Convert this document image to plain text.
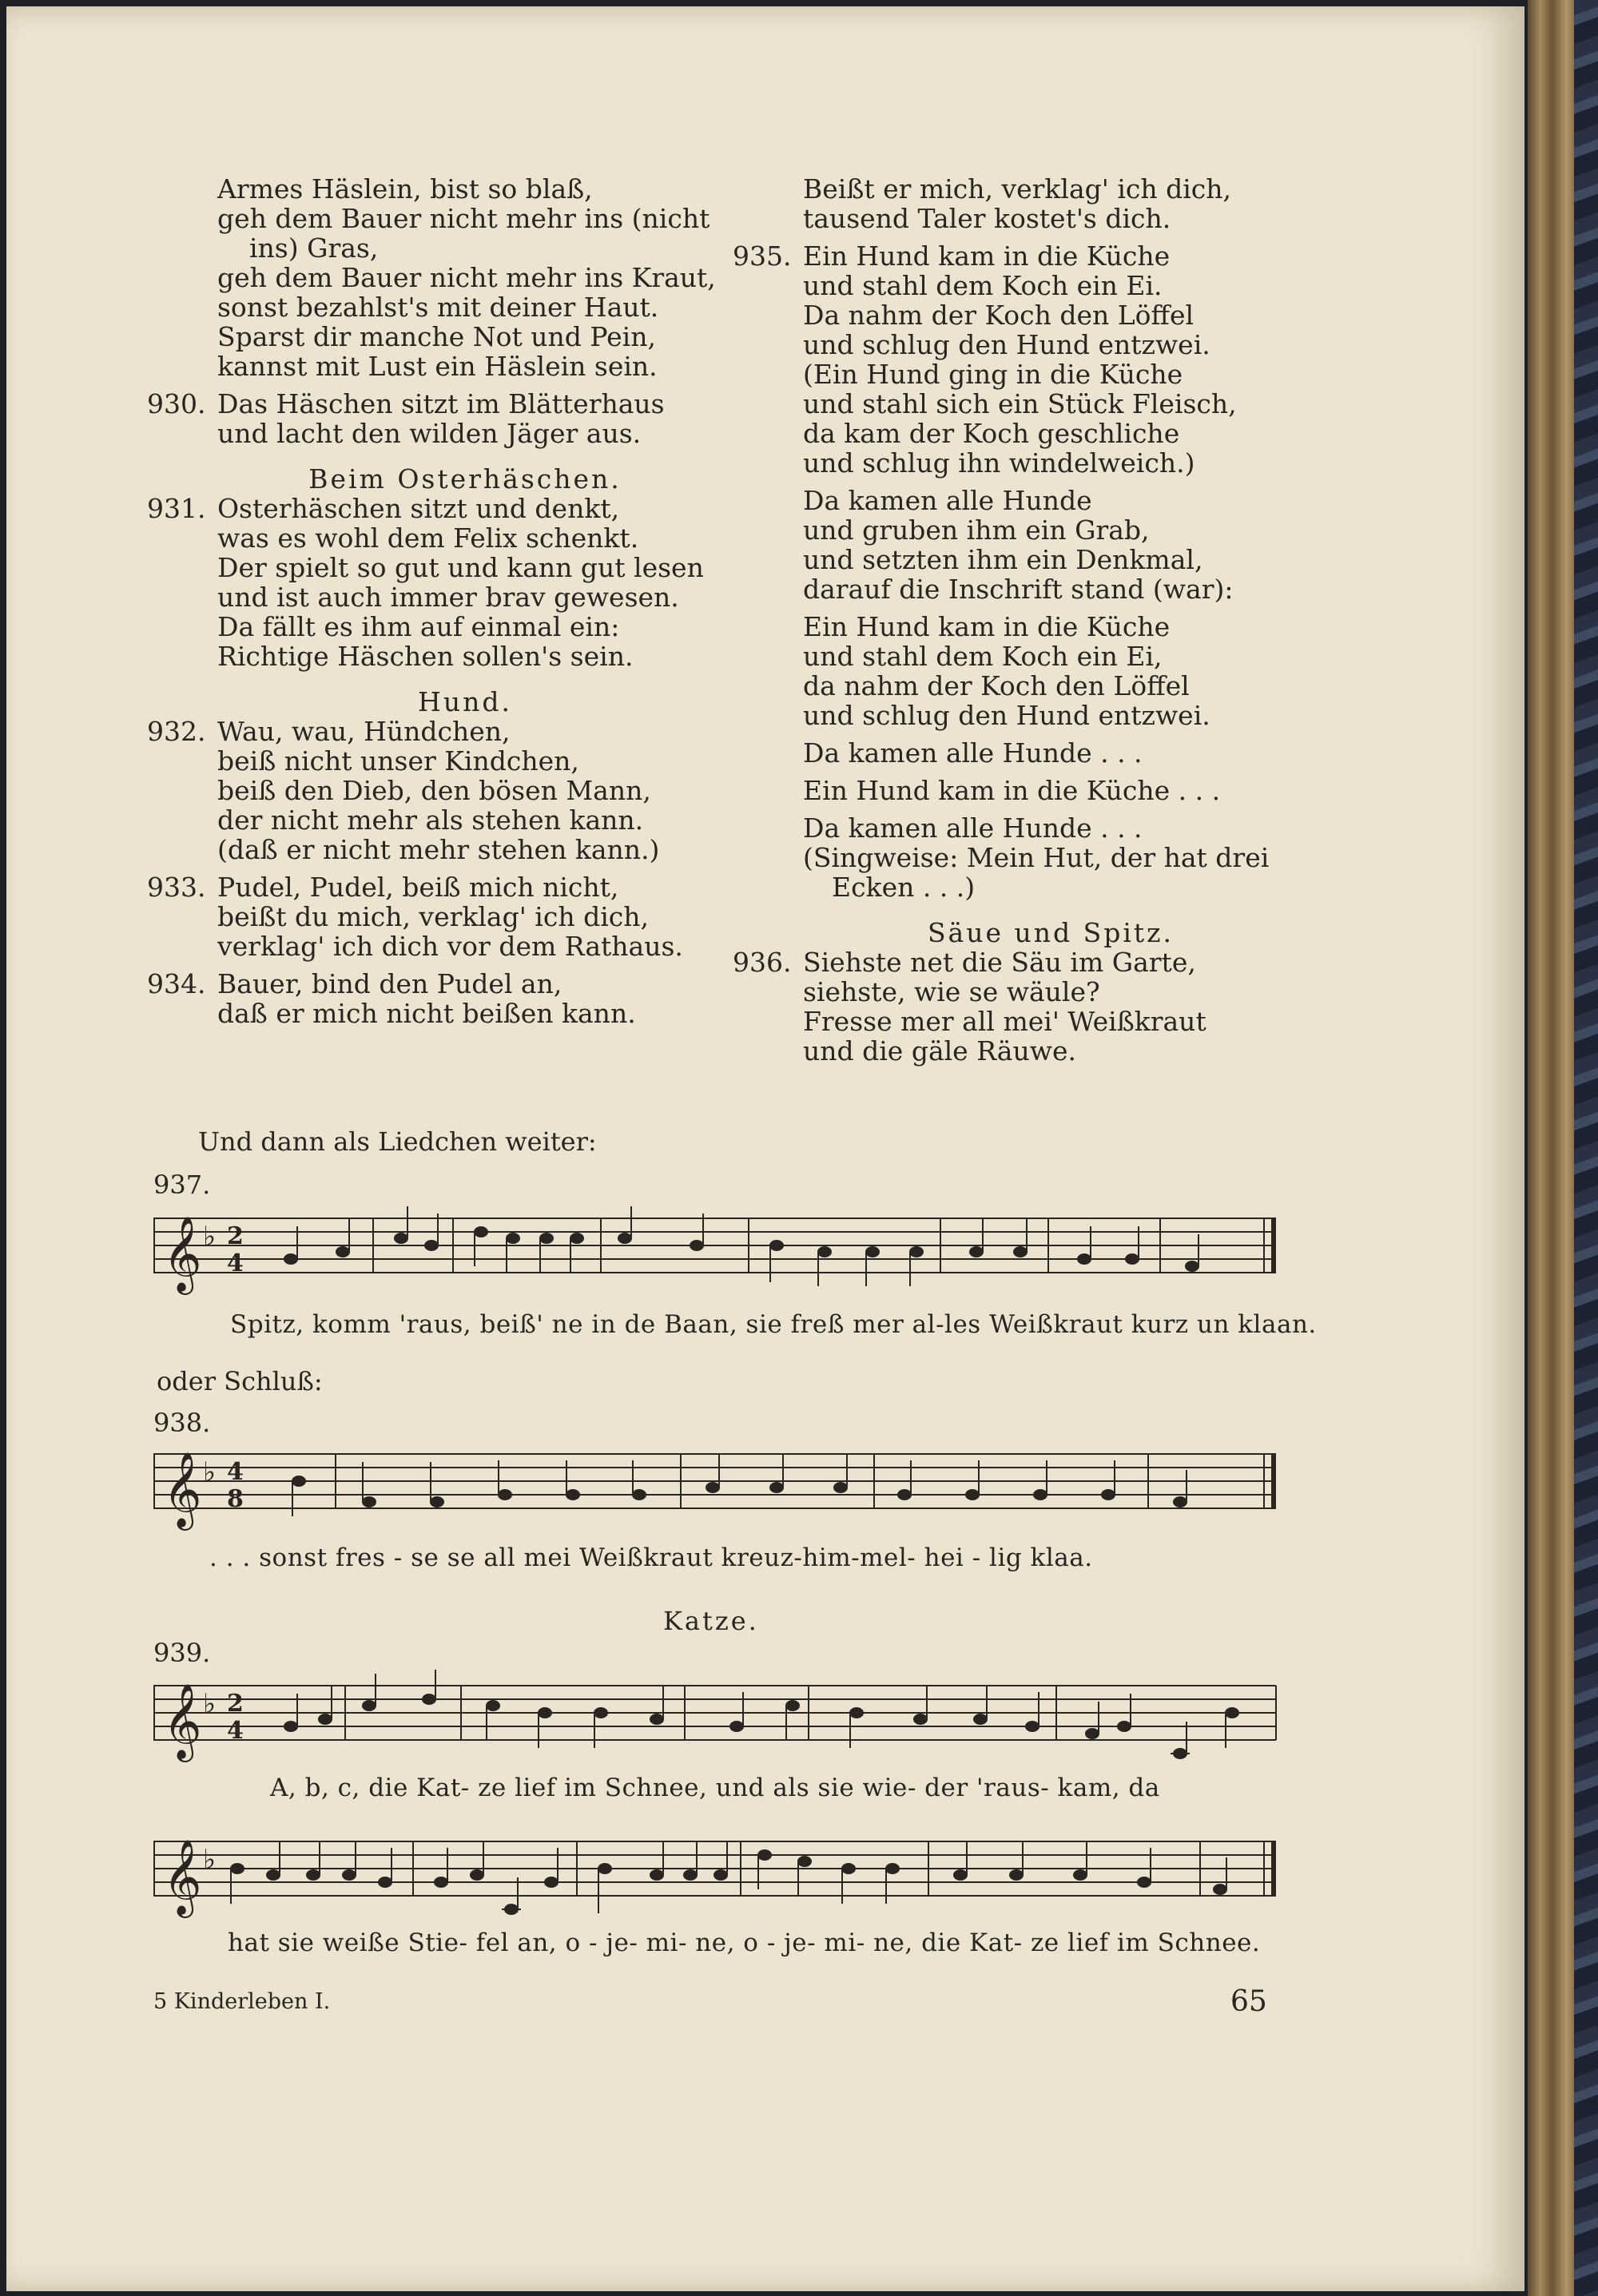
Armes Häslein, bist so blaß,
geh dem Bauer nicht mehr ins (nicht
ins) Gras,
geh dem Bauer nicht mehr ins Kraut,
sonst bezahlst's mit deiner Haut.
Sparst dir manche Not und Pein,
kannst mit Lust ein Häslein sein.
930. Das Häschen sitzt im Blätterhaus
und lacht den wilden Jäger aus.
Beim Osterhäschen.
931. Osterhäschen sitzt und denkt,
was es wohl dem Felix schenkt.
Der spielt so gut und kann gut lesen
und ist auch immer brav gewesen.
Da fällt es ihm auf einmal ein:
Richtige Häschen sollen's sein.
Hund.
932. Wau, wau, Hündchen,
beiß nicht unser Kindchen,
beiß den Dieb, den bösen Mann,
der nicht mehr als stehen kann.
(daß er nicht mehr stehen kann.)
933. Pudel, Pudel, beiß mich nicht,
beißt du mich, verklag' ich dich,
verklag' ich dich vor dem Rathaus.
934. Bauer, bind den Pudel an,
daß er mich nicht beißen kann.
Beißt er mich, verklag' ich dich,
tausend Taler kostet's dich.
935. Ein Hund kam in die Küche
und stahl dem Koch ein Ei.
Da nahm der Koch den Löffel
und schlug den Hund entzwei.
(Ein Hund ging in die Küche
und stahl sich ein Stück Fleisch,
da kam der Koch geschliche
und schlug ihn windelweich.)
Da kamen alle Hunde
und gruben ihm ein Grab,
und setzten ihm ein Denkmal,
darauf die Inschrift stand (war):
Ein Hund kam in die Küche
und stahl dem Koch ein Ei,
da nahm der Koch den Löffel
und schlug den Hund entzwei.
Da kamen alle Hunde . . .
Ein Hund kam in die Küche . . .
Da kamen alle Hunde . . .
(Singweise: Mein Hut, der hat drei
Ecken . . .)
Säue und Spitz.
936. Siehste net die Säu im Garte,
siehste, wie se wäule?
Fresse mer all mei' Weißkraut
und die gäle Räuwe.
Und dann als Liedchen weiter:
937.
𝄞 ♭ 2
4
Spitz, komm 'raus, beiß' ne in de Baan, sie freß mer al-les Weißkraut kurz un klaan.
oder Schluß:
938.
𝄞 ♭ 4
8
. . . sonst fres - se se all mei Weißkraut kreuz-him-mel- hei - lig klaa.
Katze.
939.
𝄞 ♭ 2
4
A, b, c, die Kat- ze lief im Schnee, und als sie wie- der 'raus- kam, da
𝄞 ♭
hat sie weiße Stie- fel an, o - je- mi- ne, o - je- mi- ne, die Kat- ze lief im Schnee.
5 Kinderleben I.	65
